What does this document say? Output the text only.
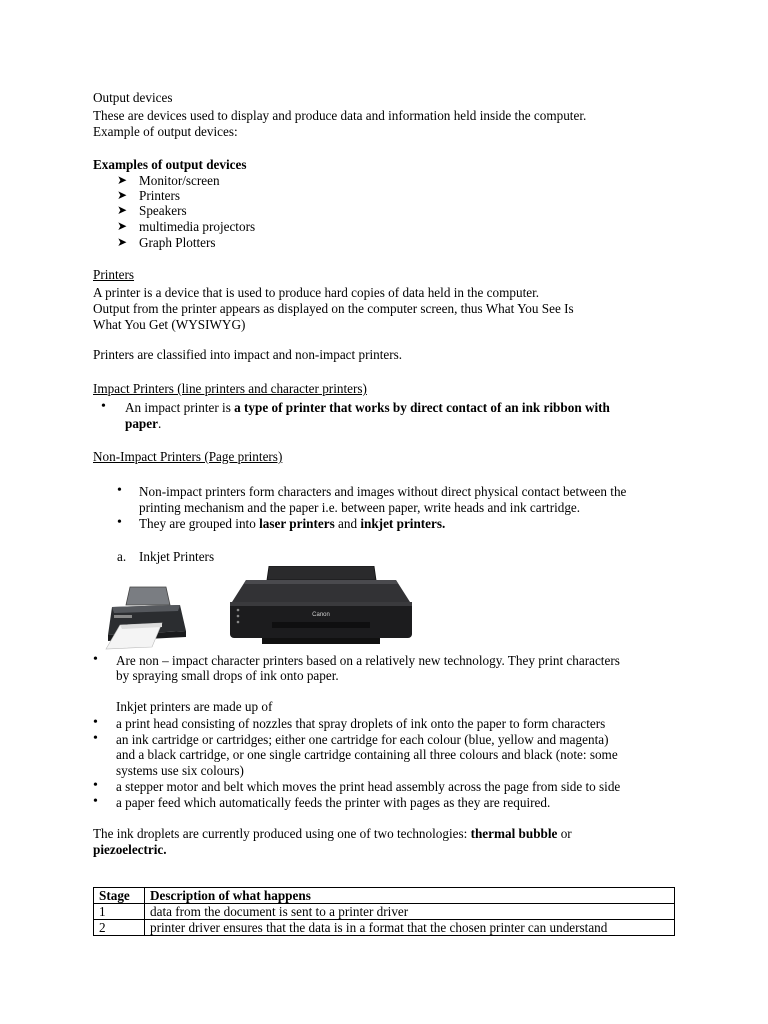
Output devices
These are devices used to display and produce data and information held inside the computer.
Example of output devices:
Examples of output devices
➤ Monitor/screen
➤ Printers
➤ Speakers
➤ multimedia projectors
➤ Graph Plotters
Printers
A printer is a device that is used to produce hard copies of data held in the computer.
Output from the printer appears as displayed on the computer screen, thus What You See Is
What You Get (WYSIWYG)
Printers are classified into impact and non-impact printers.
Impact Printers (line printers and character printers)
• An impact printer is a type of printer that works by direct contact of an ink ribbon with
paper.
Non-Impact Printers (Page printers)
• Non-impact printers form characters and images without direct physical contact between the
printing mechanism and the paper i.e. between paper, write heads and ink cartridge.
• They are grouped into laser printers and inkjet printers.
a. Inkjet Printers
Canon
• Are non – impact character printers based on a relatively new technology. They print characters
by spraying small drops of ink onto paper.
Inkjet printers are made up of
• a print head consisting of nozzles that spray droplets of ink onto the paper to form characters
• an ink cartridge or cartridges; either one cartridge for each colour (blue, yellow and magenta)
and a black cartridge, or one single cartridge containing all three colours and black (note: some
systems use six colours)
• a stepper motor and belt which moves the print head assembly across the page from side to side
• a paper feed which automatically feeds the printer with pages as they are required.
The ink droplets are currently produced using one of two technologies: thermal bubble or
piezoelectric.
Stage	Description of what happens
1	data from the document is sent to a printer driver
2	printer driver ensures that the data is in a format that the chosen printer can understand
